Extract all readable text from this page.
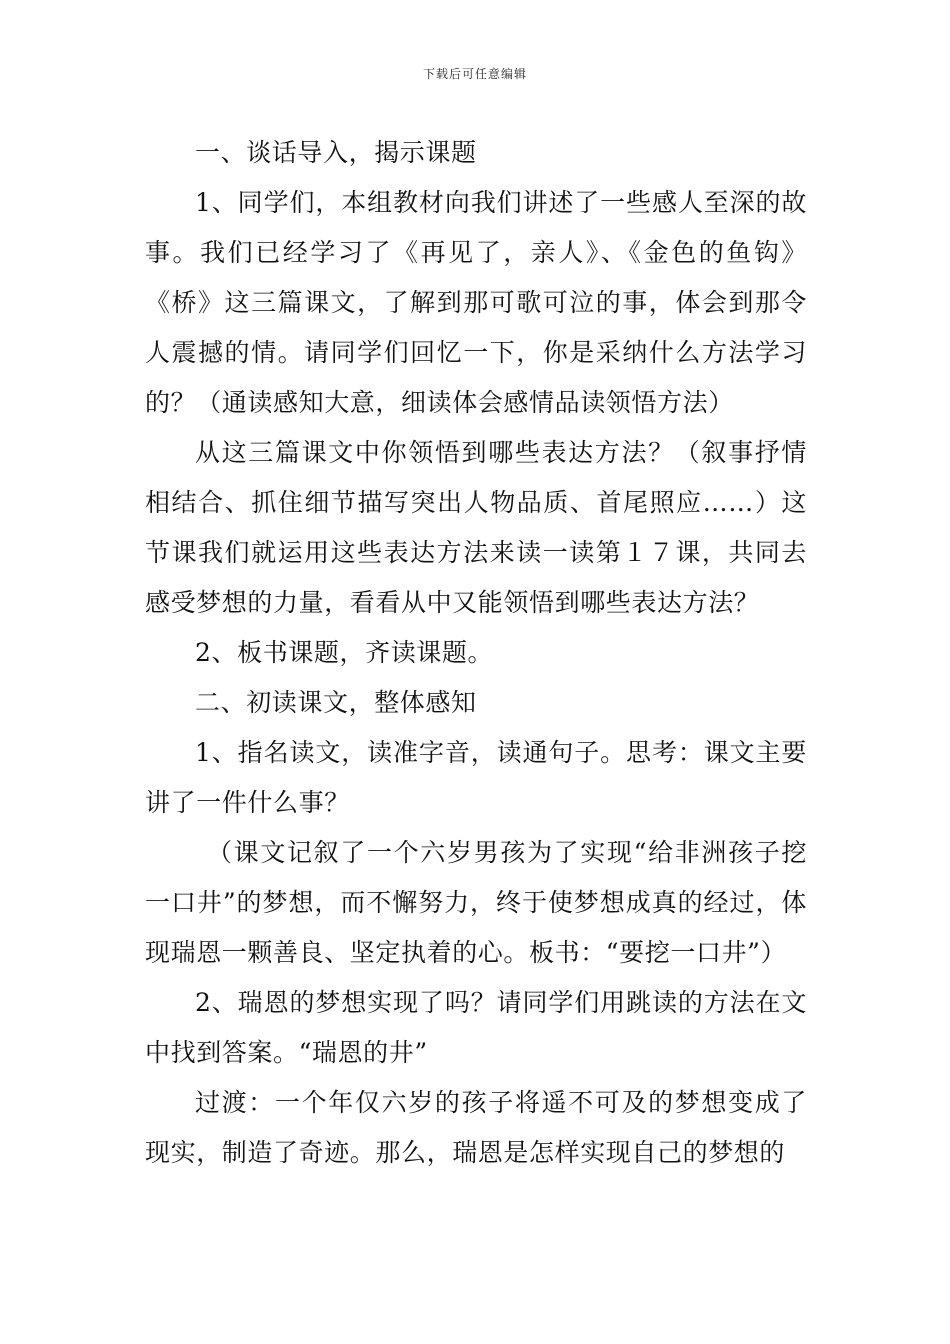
下载后可任意编辑

一、谈话导入，揭示课题

1、同学们，本组教材向我们讲述了一些感人至深的故事。我们已经学习了《再见了，亲人》、《金色的鱼钩》《桥》这三篇课文，了解到那可歌可泣的事，体会到那令人震撼的情。请同学们回忆一下，你是采纳什么方法学习的？（通读感知大意，细读体会感情品读领悟方法）

从这三篇课文中你领悟到哪些表达方法？（叙事抒情相结合、抓住细节描写突出人物品质、首尾照应……）这节课我们就运用这些表达方法来读一读第１７课，共同去感受梦想的力量，看看从中又能领悟到哪些表达方法？

2、板书课题，齐读课题。

二、初读课文，整体感知

1、指名读文，读准字音，读通句子。思考：课文主要讲了一件什么事？

（课文记叙了一个六岁男孩为了实现“给非洲孩子挖一口井”的梦想，而不懈努力，终于使梦想成真的经过，体现瑞恩一颗善良、坚定执着的心。板书：“要挖一口井”）

2、瑞恩的梦想实现了吗？请同学们用跳读的方法在文中找到答案。“瑞恩的井”

过渡：一个年仅六岁的孩子将遥不可及的梦想变成了现实，制造了奇迹。那么，瑞恩是怎样实现自己的梦想的
